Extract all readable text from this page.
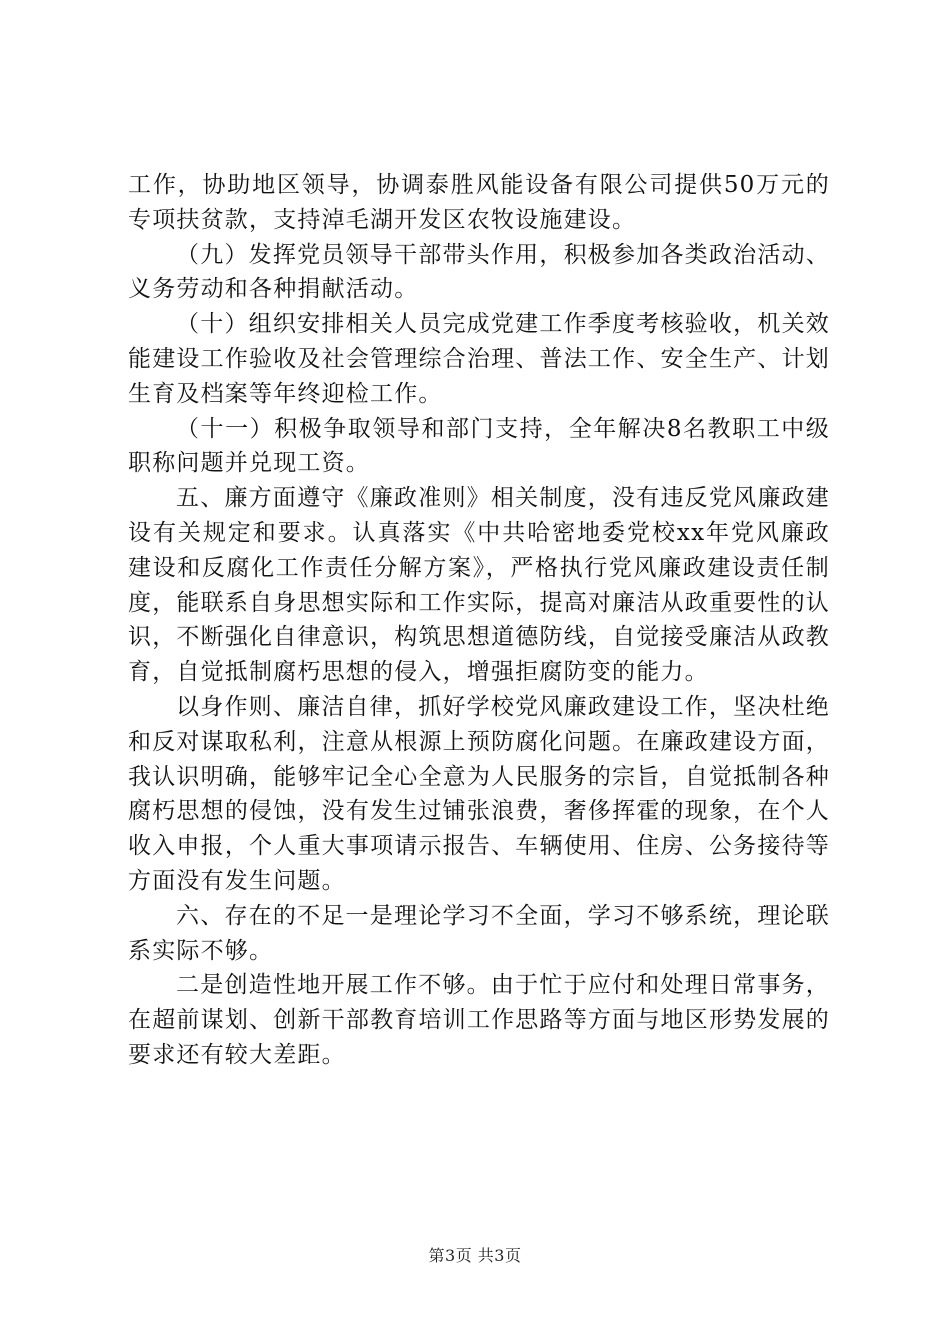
工作，协助地区领导，协调泰胜风能设备有限公司提供50万元的专项扶贫款，支持淖毛湖开发区农牧设施建设。

（九）发挥党员领导干部带头作用，积极参加各类政治活动、义务劳动和各种捐献活动。

（十）组织安排相关人员完成党建工作季度考核验收，机关效能建设工作验收及社会管理综合治理、普法工作、安全生产、计划生育及档案等年终迎检工作。

（十一）积极争取领导和部门支持，全年解决8名教职工中级职称问题并兑现工资。

五、廉方面遵守《廉政准则》相关制度，没有违反党风廉政建设有关规定和要求。认真落实《中共哈密地委党校xx年党风廉政建设和反腐化工作责任分解方案》，严格执行党风廉政建设责任制度，能联系自身思想实际和工作实际，提高对廉洁从政重要性的认识，不断强化自律意识，构筑思想道德防线，自觉接受廉洁从政教育，自觉抵制腐朽思想的侵入，增强拒腐防变的能力。

以身作则、廉洁自律，抓好学校党风廉政建设工作，坚决杜绝和反对谋取私利，注意从根源上预防腐化问题。在廉政建设方面，我认识明确，能够牢记全心全意为人民服务的宗旨，自觉抵制各种腐朽思想的侵蚀，没有发生过铺张浪费，奢侈挥霍的现象，在个人收入申报，个人重大事项请示报告、车辆使用、住房、公务接待等方面没有发生问题。

六、存在的不足一是理论学习不全面，学习不够系统，理论联系实际不够。

二是创造性地开展工作不够。由于忙于应付和处理日常事务，在超前谋划、创新干部教育培训工作思路等方面与地区形势发展的要求还有较大差距。

第3页 共3页
